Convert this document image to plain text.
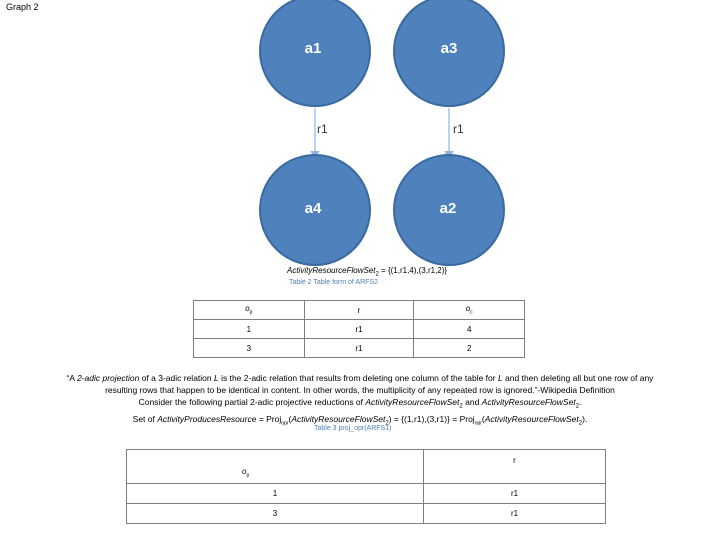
Graph 2
r1	r1
a1	a3
a4	a2
ActivityResourceFlowSet$_2$ = {(1,r1,4),(3,r1,2)}
Table 2 Table form of ARFS2
$o_p$	r	$o_c$
1	r1	4
3	r1	2
“A 2-adic projection of a 3-adic relation L is the 2-adic relation that results from deleting one column of the table for L and then deleting all but one row of any
resulting rows that happen to be identical in content. In other words, the multiplicity of any repeated row is ignored.”-Wikipedia Definition
Consider the following partial 2-adic projective reductions of ActivityResourceFlowSet$_2$ and ActivityResourceFlowSet$_2$.
Set of ActivityProducesResource = Proj$_{opr}$(ActivityResourceFlowSet$_2$) = {(1,r1),(3,r1)} = Proj$_{opr}$(ActivityResourceFlowSet$_2$).
Table 3 proj_opr(ARFS1)
$o_p$	r
1	r1
3	r1
